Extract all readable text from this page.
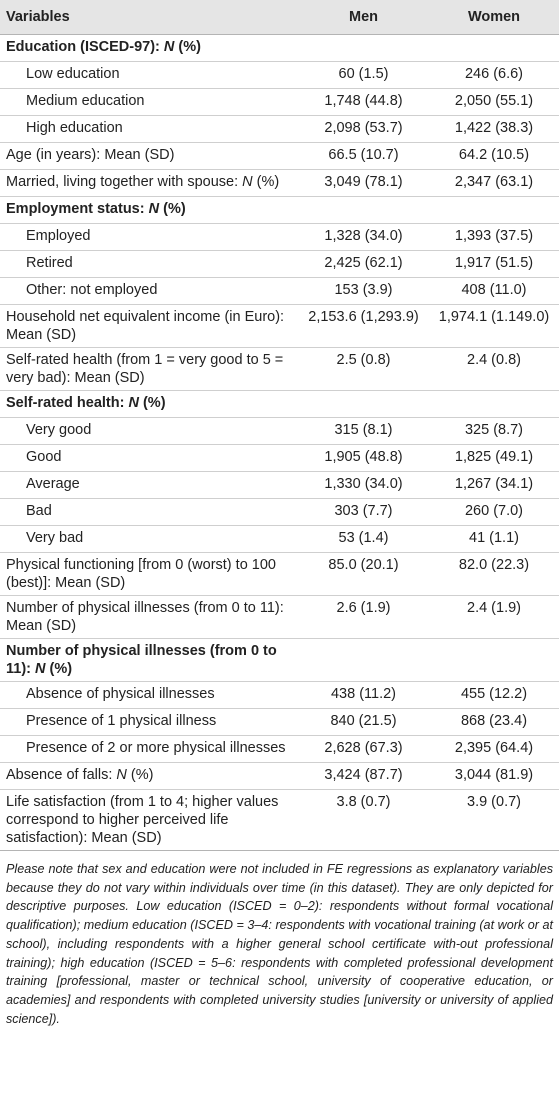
Variables	Men	Women
Education (ISCED-97): N (%)		
Low education	60 (1.5)	246 (6.6)
Medium education	1,748 (44.8)	2,050 (55.1)
High education	2,098 (53.7)	1,422 (38.3)
Age (in years): Mean (SD)	66.5 (10.7)	64.2 (10.5)
Married, living together with spouse: N (%)	3,049 (78.1)	2,347 (63.1)
Employment status: N (%)		
Employed	1,328 (34.0)	1,393 (37.5)
Retired	2,425 (62.1)	1,917 (51.5)
Other: not employed	153 (3.9)	408 (11.0)
Household net equivalent income (in Euro): Mean (SD)	2,153.6 (1,293.9)	1,974.1 (1.149.0)
Self-rated health (from 1 = very good to 5 = very bad): Mean (SD)	2.5 (0.8)	2.4 (0.8)
Self-rated health: N (%)		
Very good	315 (8.1)	325 (8.7)
Good	1,905 (48.8)	1,825 (49.1)
Average	1,330 (34.0)	1,267 (34.1)
Bad	303 (7.7)	260 (7.0)
Very bad	53 (1.4)	41 (1.1)
Physical functioning [from 0 (worst) to 100 (best)]: Mean (SD)	85.0 (20.1)	82.0 (22.3)
Number of physical illnesses (from 0 to 11): Mean (SD)	2.6 (1.9)	2.4 (1.9)
Number of physical illnesses (from 0 to 11): N (%)		
Absence of physical illnesses	438 (11.2)	455 (12.2)
Presence of 1 physical illness	840 (21.5)	868 (23.4)
Presence of 2 or more physical illnesses	2,628 (67.3)	2,395 (64.4)
Absence of falls: N (%)	3,424 (87.7)	3,044 (81.9)
Life satisfaction (from 1 to 4; higher values correspond to higher perceived life satisfaction): Mean (SD)	3.8 (0.7)	3.9 (0.7)
Please note that sex and education were not included in FE regressions as explanatory variables because they do not vary within individuals over time (in this dataset). They are only depicted for descriptive purposes. Low education (ISCED = 0–2): respondents without formal vocational qualification); medium education (ISCED = 3–4: respondents with vocational training (at work or at school), including respondents with a higher general school certificate with-out professional training); high education (ISCED = 5–6: respondents with completed professional development training [professional, master or technical school, university of cooperative education, or academies] and respondents with completed university studies [university or university of applied science]).
